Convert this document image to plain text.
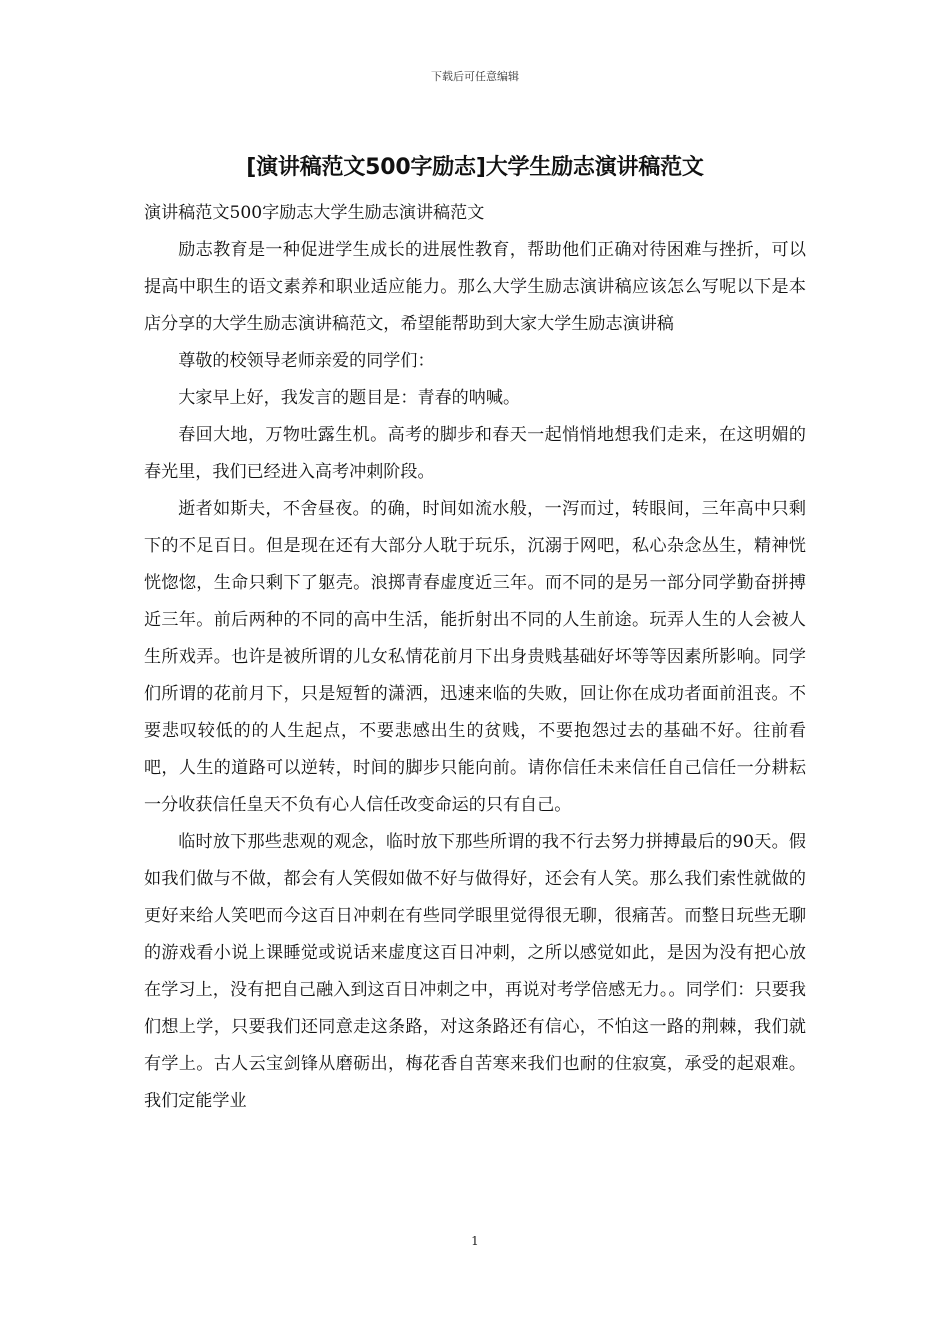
下载后可任意编辑
[演讲稿范文500字励志]大学生励志演讲稿范文

演讲稿范文500字励志大学生励志演讲稿范文

励志教育是一种促进学生成长的进展性教育，帮助他们正确对待困难与挫折，可以提高中职生的语文素养和职业适应能力。那么大学生励志演讲稿应该怎么写呢以下是本店分享的大学生励志演讲稿范文，希望能帮助到大家大学生励志演讲稿

尊敬的校领导老师亲爱的同学们：

大家早上好，我发言的题目是：青春的呐喊。

春回大地，万物吐露生机。高考的脚步和春天一起悄悄地想我们走来，在这明媚的春光里，我们已经进入高考冲刺阶段。

逝者如斯夫，不舍昼夜。的确，时间如流水般，一泻而过，转眼间，三年高中只剩下的不足百日。但是现在还有大部分人耽于玩乐，沉溺于网吧，私心杂念丛生，精神恍恍惚惚，生命只剩下了躯壳。浪掷青春虚度近三年。而不同的是另一部分同学勤奋拼搏近三年。前后两种的不同的高中生活，能折射出不同的人生前途。玩弄人生的人会被人生所戏弄。也许是被所谓的儿女私情花前月下出身贵贱基础好坏等等因素所影响。同学们所谓的花前月下，只是短暂的潇洒，迅速来临的失败，回让你在成功者面前沮丧。不要悲叹较低的的人生起点，不要悲感出生的贫贱，不要抱怨过去的基础不好。往前看吧，人生的道路可以逆转，时间的脚步只能向前。请你信任未来信任自己信任一分耕耘一分收获信任皇天不负有心人信任改变命运的只有自己。

临时放下那些悲观的观念，临时放下那些所谓的我不行去努力拼搏最后的90天。假如我们做与不做，都会有人笑假如做不好与做得好，还会有人笑。那么我们索性就做的更好来给人笑吧而今这百日冲刺在有些同学眼里觉得很无聊，很痛苦。而整日玩些无聊的游戏看小说上课睡觉或说话来虚度这百日冲刺，之所以感觉如此，是因为没有把心放在学习上，没有把自己融入到这百日冲刺之中，再说对考学倍感无力。。同学们：只要我们想上学，只要我们还同意走这条路，对这条路还有信心，不怕这一路的荆棘，我们就有学上。古人云宝剑锋从磨砺出，梅花香自苦寒来我们也耐的住寂寞，承受的起艰难。我们定能学业

1
